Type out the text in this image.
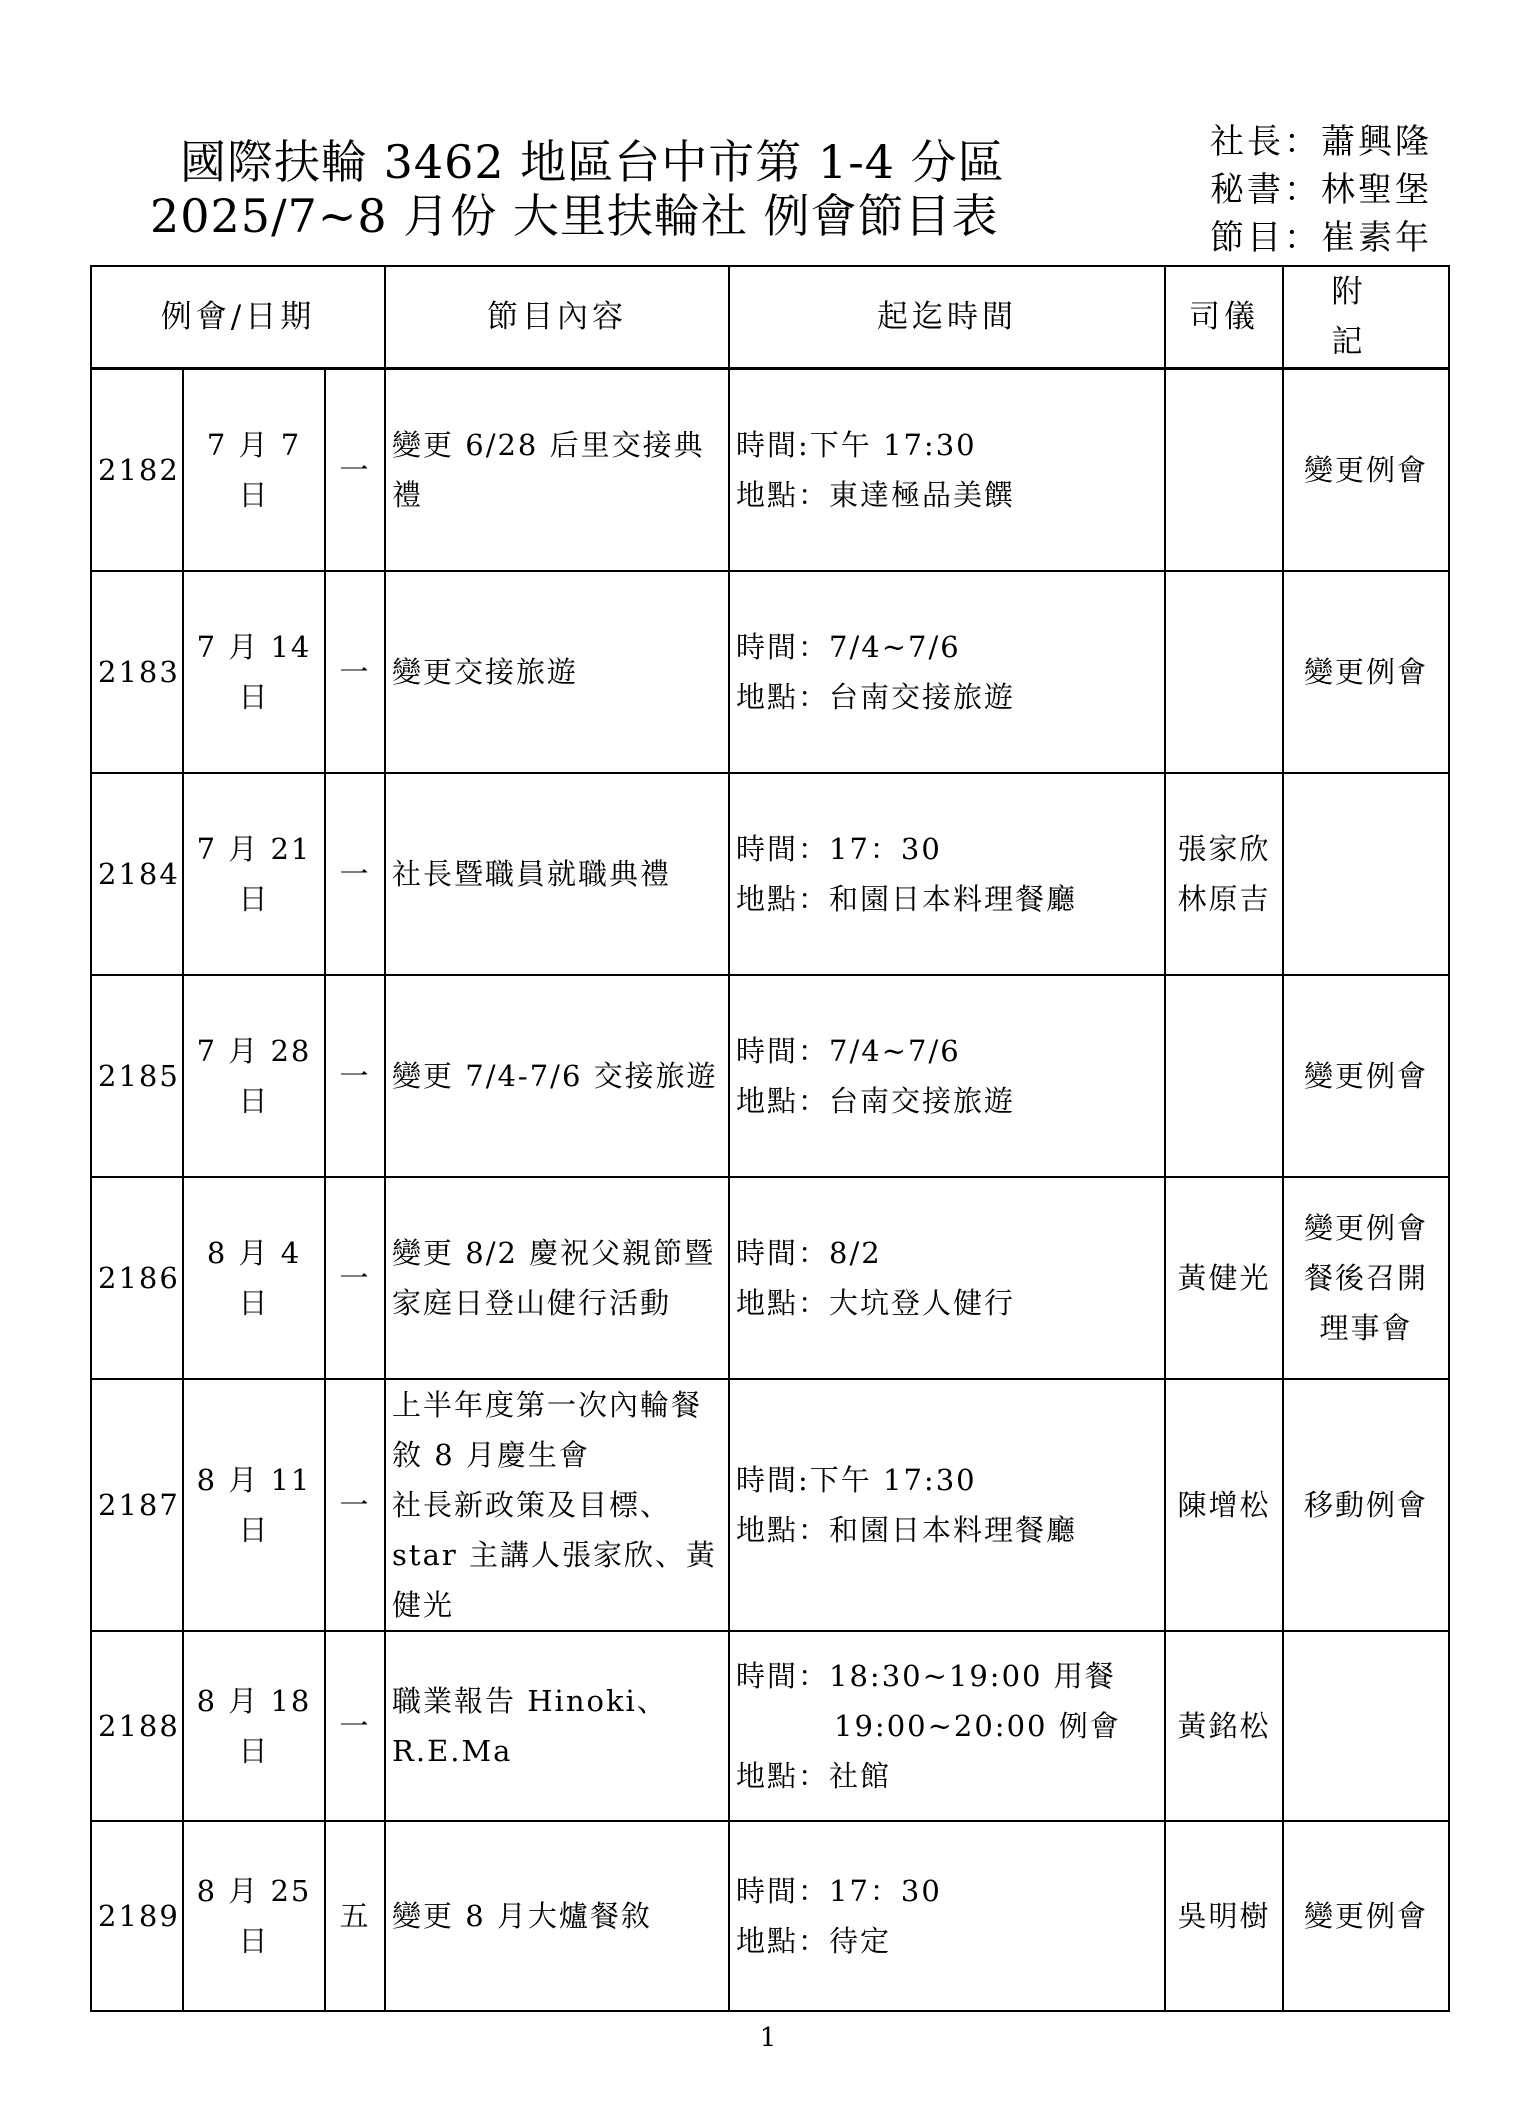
國際扶輪 3462 地區台中市第 1-4 分區
2025/7~8 月份 大里扶輪社 例會節目表
社長：蕭興隆
秘書：林聖堡
節目：崔素年
例會/日期			節目內容	起迄時間	司儀	附 記
2182	7 月 7 日	一	變更 6/28 后里交接典禮	時間:下午 17:30
地點：東達極品美饌		變更例會

2183	7 月 14 日	一	變更交接旅遊	時間：7/4~7/6
地點：台南交接旅遊		變更例會

2184	7 月 21 日	一	社長暨職員就職典禮	時間：17：30
地點：和園日本料理餐廳	張家欣
林原吉	

2185	7 月 28 日	一	變更 7/4-7/6 交接旅遊	時間：7/4~7/6
地點：台南交接旅遊		變更例會

2186	8 月 4 日	一	變更 8/2 慶祝父親節暨
家庭日登山健行活動	時間：8/2
地點：大坑登人健行	黃健光	變更例會
餐後召開
理事會

2187	8 月 11 日	一	上半年度第一次內輪餐
敘 8 月慶生會
社長新政策及目標、
star 主講人張家欣、黃
健光	時間:下午 17:30
地點：和園日本料理餐廳	陳增松	移動例會

2188	8 月 18 日	一	職業報告 Hinoki、
R.E.Ma	時間：18:30~19:00 用餐
19:00~20:00 例會
地點：社館	黃銘松	

2189	8 月 25 日	五	變更 8 月大爐餐敘	時間：17：30
地點：待定	吳明樹	變更例會
1
